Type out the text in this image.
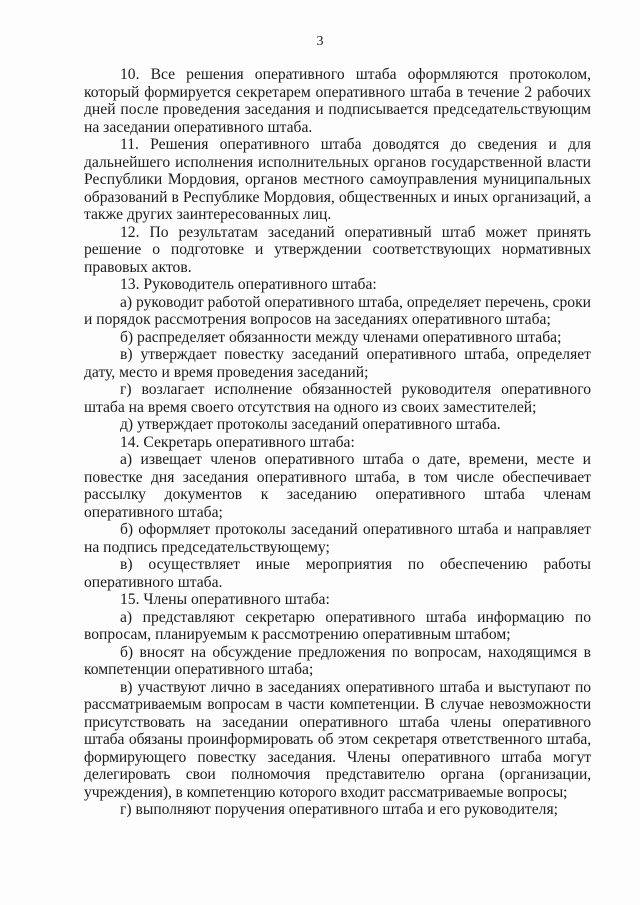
3

10. Все решения оперативного штаба оформляются протоколом, который формируется секретарем оперативного штаба в течение 2 рабочих дней после проведения заседания и подписывается председательствующим на заседании оперативного штаба.

11. Решения оперативного штаба доводятся до сведения и для дальнейшего исполнения исполнительных органов государственной власти Республики Мордовия, органов местного самоуправления муниципальных образований в Республике Мордовия, общественных и иных организаций, а также других заинтересованных лиц.

12. По результатам заседаний оперативный штаб может принять решение о подготовке и утверждении соответствующих нормативных правовых актов.

13. Руководитель оперативного штаба:

а) руководит работой оперативного штаба, определяет перечень, сроки и порядок рассмотрения вопросов на заседаниях оперативного штаба;

б) распределяет обязанности между членами оперативного штаба;

в) утверждает повестку заседаний оперативного штаба, определяет дату, место и время проведения заседаний;

г) возлагает исполнение обязанностей руководителя оперативного штаба на время своего отсутствия на одного из своих заместителей;

д) утверждает протоколы заседаний оперативного штаба.

14. Секретарь оперативного штаба:

а) извещает членов оперативного штаба о дате, времени, месте и повестке дня заседания оперативного штаба, в том числе обеспечивает рассылку документов к заседанию оперативного штаба членам оперативного штаба;

б) оформляет протоколы заседаний оперативного штаба и направляет на подпись председательствующему;

в) осуществляет иные мероприятия по обеспечению работы оперативного штаба.

15. Члены оперативного штаба:

а) представляют секретарю оперативного штаба информацию по вопросам, планируемым к рассмотрению оперативным штабом;

б) вносят на обсуждение предложения по вопросам, находящимся в компетенции оперативного штаба;

в) участвуют лично в заседаниях оперативного штаба и выступают по рассматриваемым вопросам в части компетенции. В случае невозможности присутствовать на заседании оперативного штаба члены оперативного штаба обязаны проинформировать об этом секретаря ответственного штаба, формирующего повестку заседания. Члены оперативного штаба могут делегировать свои полномочия представителю органа (организации, учреждения), в компетенцию которого входит рассматриваемые вопросы;

г) выполняют поручения оперативного штаба и его руководителя;
